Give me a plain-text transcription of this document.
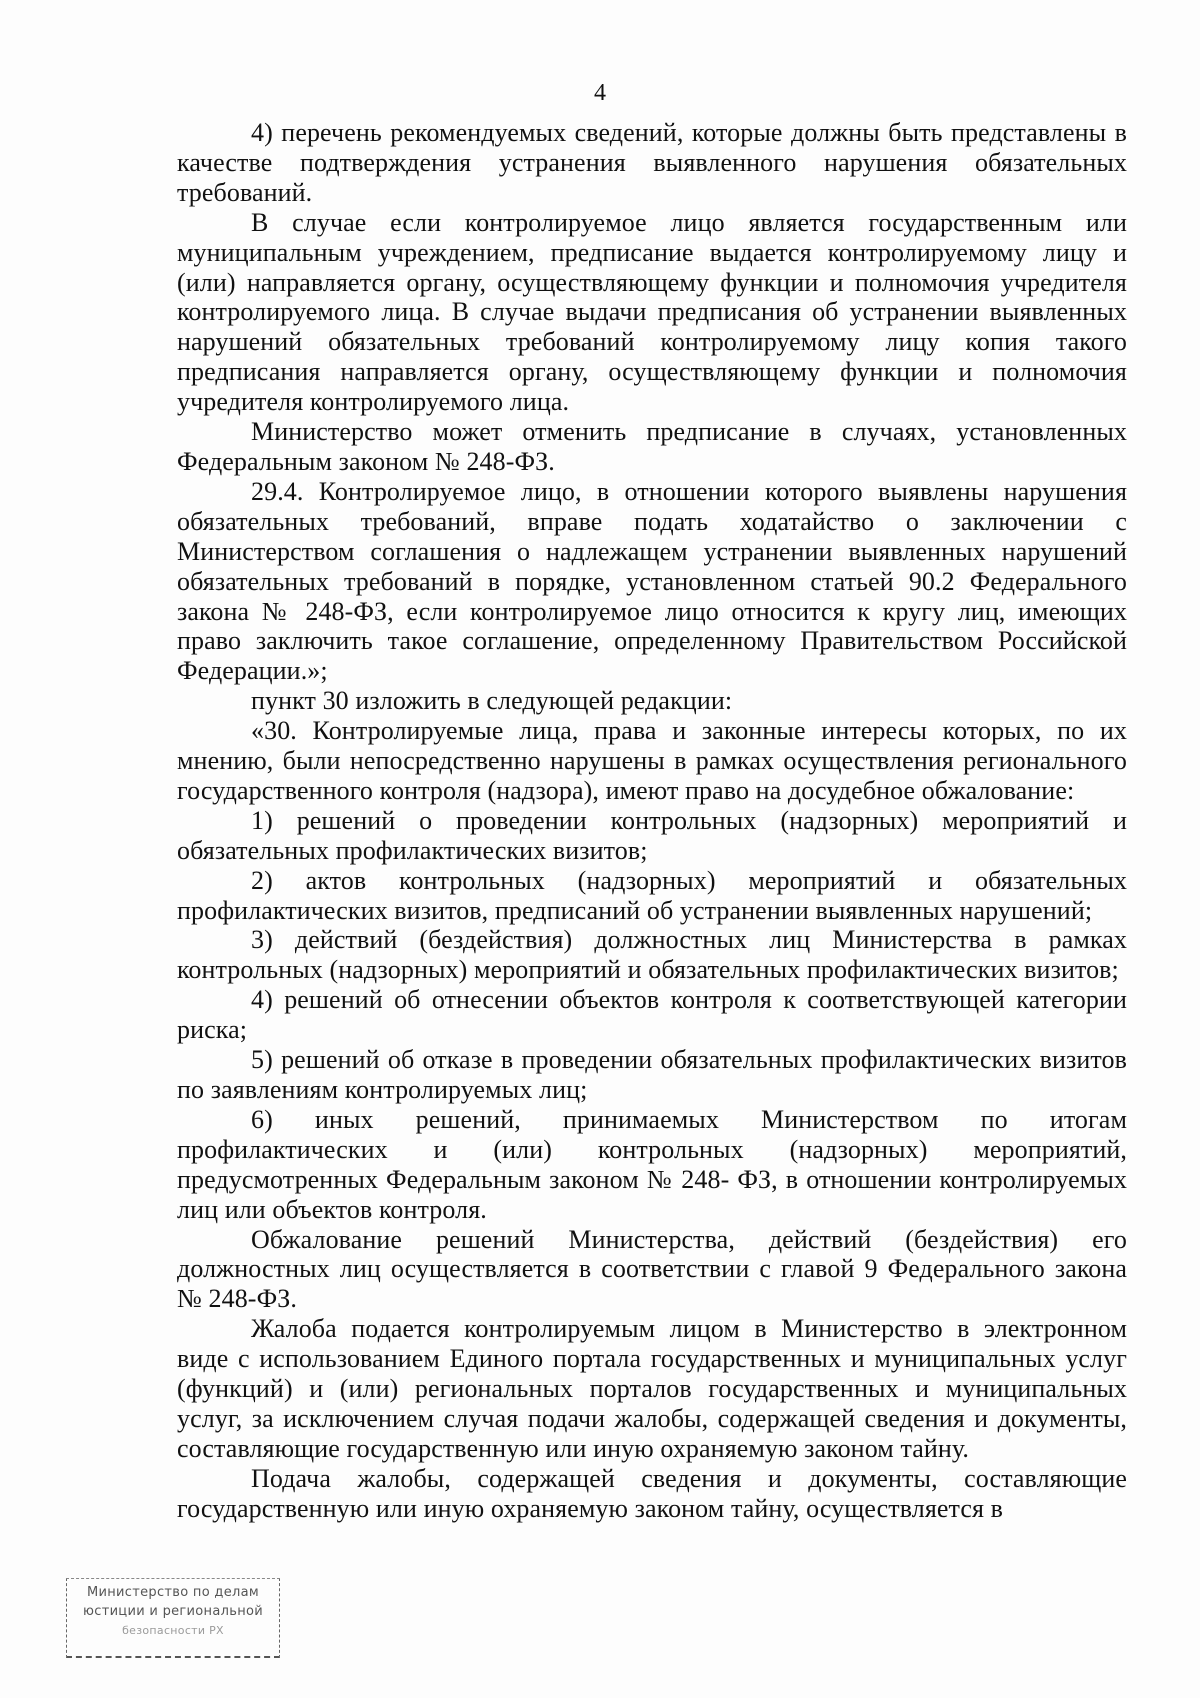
4

4) перечень рекомендуемых сведений, которые должны быть представлены в качестве подтверждения устранения выявленного нарушения обязательных требований.

В случае если контролируемое лицо является государственным или муниципальным учреждением, предписание выдается контролируемому лицу и (или) направляется органу, осуществляющему функции и полномочия учредителя контролируемого лица. В случае выдачи предписания об устранении выявленных нарушений обязательных требований контролируемому лицу копия такого предписания направляется органу, осуществляющему функции и полномочия учредителя контролируемого лица.

Министерство может отменить предписание в случаях, установленных Федеральным законом № 248-ФЗ.

29.4. Контролируемое лицо, в отношении которого выявлены нарушения обязательных требований, вправе подать ходатайство о заключении с Министерством соглашения о надлежащем устранении выявленных нарушений обязательных требований в порядке, установленном статьей 90.2 Федерального закона № 248-ФЗ, если контролируемое лицо относится к кругу лиц, имеющих право заключить такое соглашение, определенному Правительством Российской Федерации.»;

пункт 30 изложить в следующей редакции:

«30. Контролируемые лица, права и законные интересы которых, по их мнению, были непосредственно нарушены в рамках осуществления регионального государственного контроля (надзора), имеют право на досудебное обжалование:

1) решений о проведении контрольных (надзорных) мероприятий и обязательных профилактических визитов;

2) актов контрольных (надзорных) мероприятий и обязательных профилактических визитов, предписаний об устранении выявленных нарушений;

3) действий (бездействия) должностных лиц Министерства в рамках контрольных (надзорных) мероприятий и обязательных профилактических визитов;

4) решений об отнесении объектов контроля к соответствующей категории риска;

5) решений об отказе в проведении обязательных профилактических визитов по заявлениям контролируемых лиц;

6) иных решений, принимаемых Министерством по итогам профилактических и (или) контрольных (надзорных) мероприятий, предусмотренных Федеральным законом № 248- ФЗ, в отношении контролируемых лиц или объектов контроля.

Обжалование решений Министерства, действий (бездействия) его должностных лиц осуществляется в соответствии с главой 9 Федерального закона № 248-ФЗ.

Жалоба подается контролируемым лицом в Министерство в электронном виде с использованием Единого портала государственных и муниципальных услуг (функций) и (или) региональных порталов государственных и муниципальных услуг, за исключением случая подачи жалобы, содержащей сведения и документы, составляющие государственную или иную охраняемую законом тайну.

Подача жалобы, содержащей сведения и документы, составляющие государственную или иную охраняемую законом тайну, осуществляется в

Министерство по делам
юстиции и региональной
безопасности РХ
